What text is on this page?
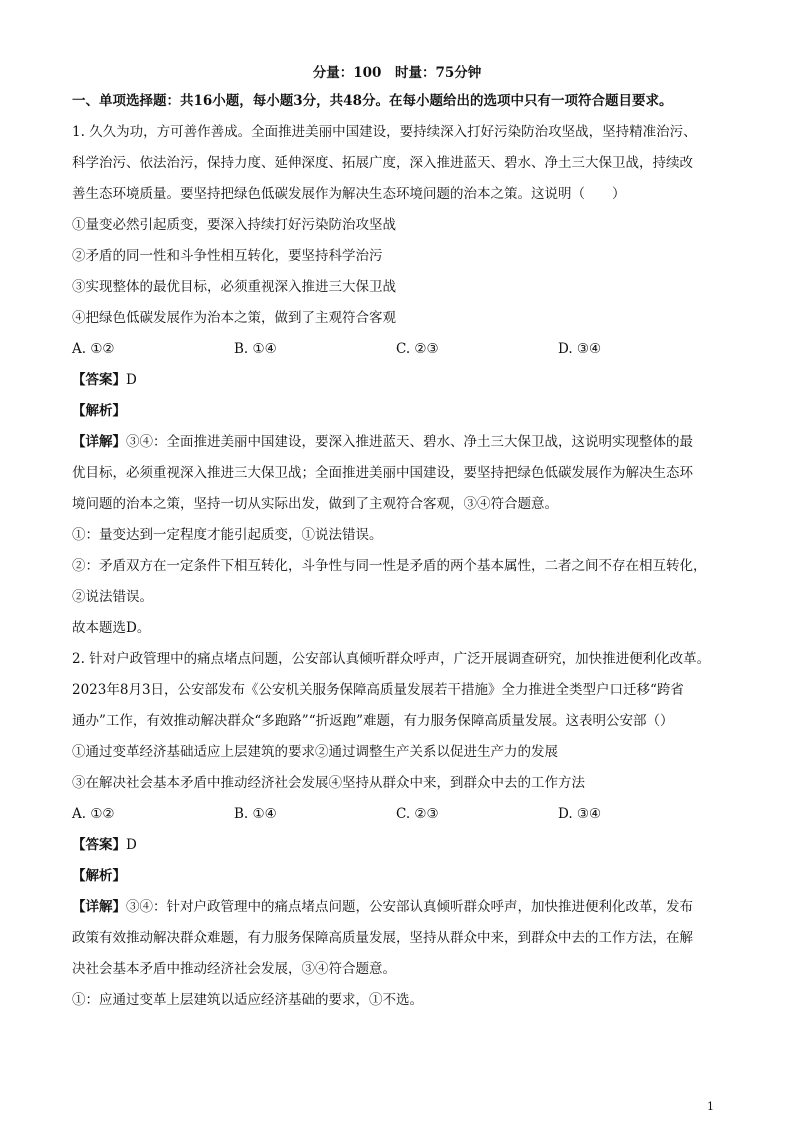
分量：100　时量：75分钟
一、单项选择题：共16小题，每小题3分，共48分。在每小题给出的选项中只有一项符合题目要求。
1. 久久为功，方可善作善成。全面推进美丽中国建设，要持续深入打好污染防治攻坚战，坚持精准治污、
科学治污、依法治污，保持力度、延伸深度、拓展广度，深入推进蓝天、碧水、净土三大保卫战，持续改
善生态环境质量。要坚持把绿色低碳发展作为解决生态环境问题的治本之策。这说明（　　）
①量变必然引起质变，要深入持续打好污染防治攻坚战
②矛盾的同一性和斗争性相互转化，要坚持科学治污
③实现整体的最优目标，必须重视深入推进三大保卫战
④把绿色低碳发展作为治本之策，做到了主观符合客观
A. ①②	B. ①④	C. ②③	D. ③④
【答案】D
【解析】
【详解】③④：全面推进美丽中国建设，要深入推进蓝天、碧水、净土三大保卫战，这说明实现整体的最
优目标，必须重视深入推进三大保卫战；全面推进美丽中国建设，要坚持把绿色低碳发展作为解决生态环
境问题的治本之策，坚持一切从实际出发，做到了主观符合客观，③④符合题意。
①：量变达到一定程度才能引起质变，①说法错误。
②：矛盾双方在一定条件下相互转化，斗争性与同一性是矛盾的两个基本属性，二者之间不存在相互转化，
②说法错误。
故本题选D。
2. 针对户政管理中的痛点堵点问题，公安部认真倾听群众呼声，广泛开展调查研究，加快推进便利化改革。
2023年8月3日，公安部发布《公安机关服务保障高质量发展若干措施》全力推进全类型户口迁移“跨省
通办”工作，有效推动解决群众“多跑路”“折返跑”难题，有力服务保障高质量发展。这表明公安部（）
①通过变革经济基础适应上层建筑的要求②通过调整生产关系以促进生产力的发展
③在解决社会基本矛盾中推动经济社会发展④坚持从群众中来，到群众中去的工作方法
A. ①②	B. ①④	C. ②③	D. ③④
【答案】D
【解析】
【详解】③④：针对户政管理中的痛点堵点问题，公安部认真倾听群众呼声，加快推进便利化改革，发布
政策有效推动解决群众难题，有力服务保障高质量发展，坚持从群众中来，到群众中去的工作方法，在解
决社会基本矛盾中推动经济社会发展，③④符合题意。
①：应通过变革上层建筑以适应经济基础的要求，①不选。
1
